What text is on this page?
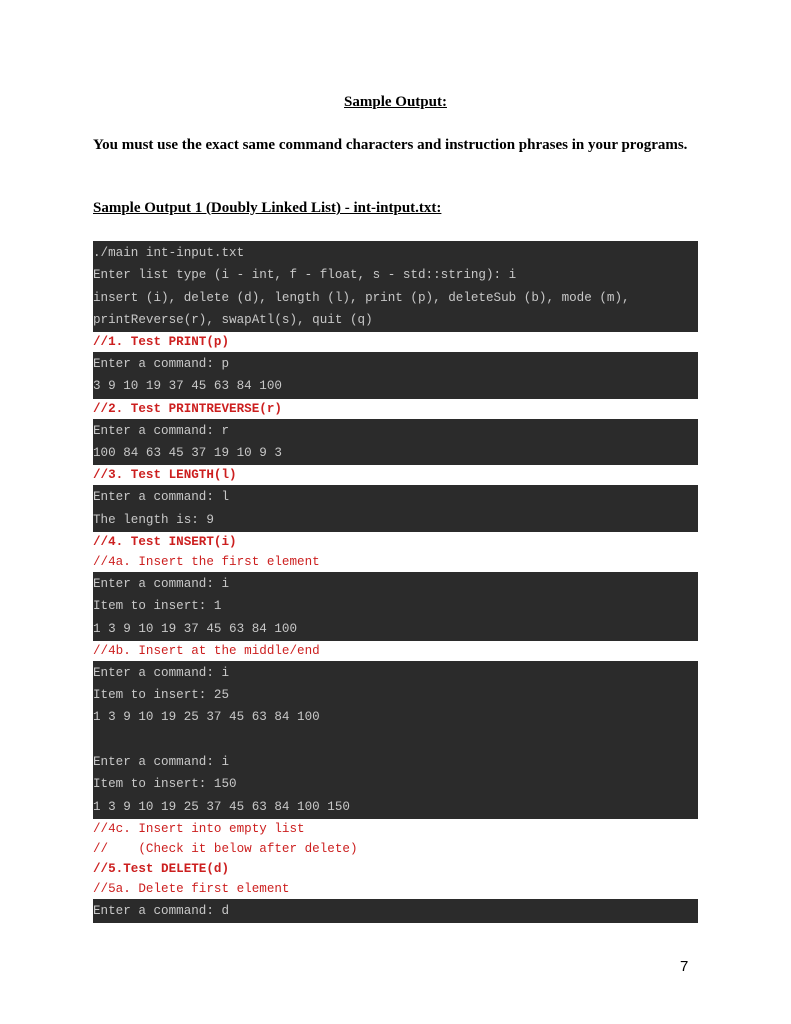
Sample Output:
You must use the exact same command characters and instruction phrases in your programs.
Sample Output 1 (Doubly Linked List) - int-intput.txt:
./main int-input.txt
Enter list type (i - int, f - float, s - std::string): i
insert (i), delete (d), length (l), print (p), deleteSub (b), mode (m),
printReverse(r), swapAtl(s), quit (q)
//1. Test PRINT(p)
Enter a command: p
3 9 10 19 37 45 63 84 100
//2. Test PRINTREVERSE(r)
Enter a command: r
100 84 63 45 37 19 10 9 3
//3. Test LENGTH(l)
Enter a command: l
The length is: 9
//4. Test INSERT(i)
//4a. Insert the first element
Enter a command: i
Item to insert: 1
1 3 9 10 19 37 45 63 84 100
//4b. Insert at the middle/end
Enter a command: i
Item to insert: 25
1 3 9 10 19 25 37 45 63 84 100
Enter a command: i
Item to insert: 150
1 3 9 10 19 25 37 45 63 84 100 150
//4c. Insert into empty list
//    (Check it below after delete)
//5.Test DELETE(d)
//5a. Delete first element
Enter a command: d
7
